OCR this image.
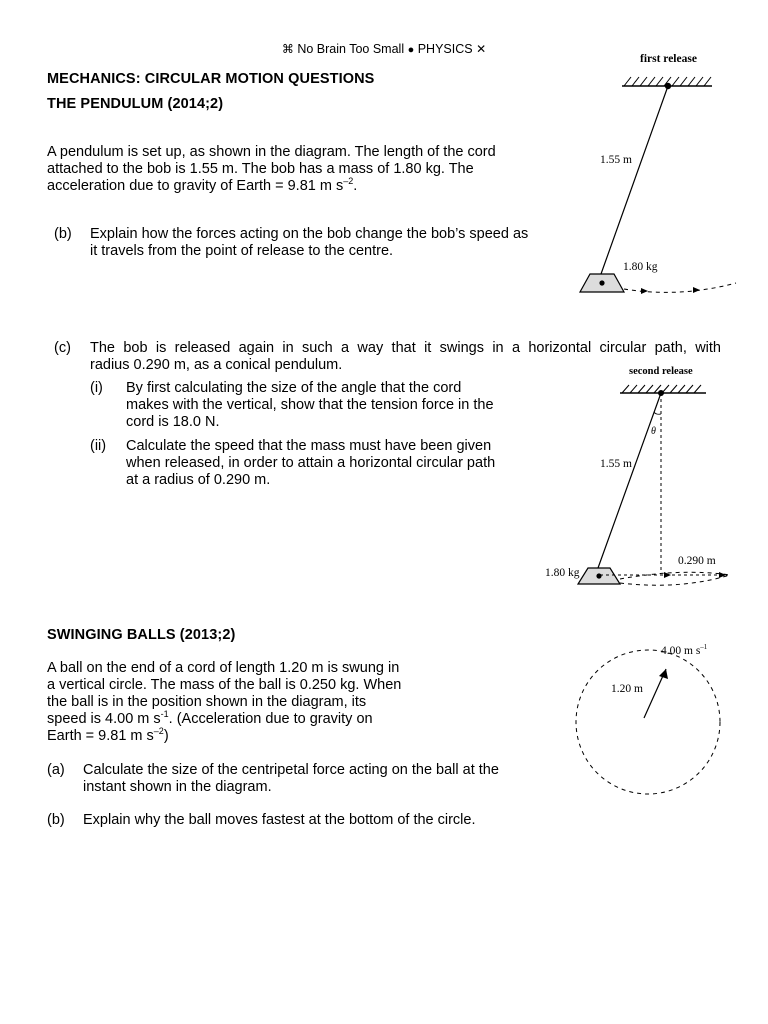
⌘ No Brain Too Small ● PHYSICS ✕
MECHANICS: CIRCULAR MOTION QUESTIONS
THE PENDULUM (2014;2)
A pendulum is set up, as shown in the diagram. The length of the cord
attached to the bob is 1.55 m. The bob has a mass of 1.80 kg. The
acceleration due to gravity of Earth = 9.81 m $s^{-2}$.
(b) Explain how the forces acting on the bob change the bob’s speed as
it travels from the point of release to the centre.
(c) The bob is released again in such a way that it swings in a horizontal circular path, with
radius 0.290 m, as a conical pendulum.
(i) By first calculating the size of the angle that the cord
makes with the vertical, show that the tension force in the
cord is 18.0 N.
(ii) Calculate the speed that the mass must have been given
when released, in order to attain a horizontal circular path
at a radius of 0.290 m.
first release
1.55 m
1.80 kg
second release
θ
1.55 m
0.290 m
1.80 kg
SWINGING BALLS (2013;2)
A ball on the end of a cord of length 1.20 m is swung in
a vertical circle. The mass of the ball is 0.250 kg. When
the ball is in the position shown in the diagram, its
speed is 4.00 m $s^{-1}$. (Acceleration due to gravity on
Earth = 9.81 m $s^{-2}$)
(a) Calculate the size of the centripetal force acting on the ball at the
instant shown in the diagram.
(b) Explain why the ball moves fastest at the bottom of the circle.
4.00 m $s^{-1}$
1.20 m
